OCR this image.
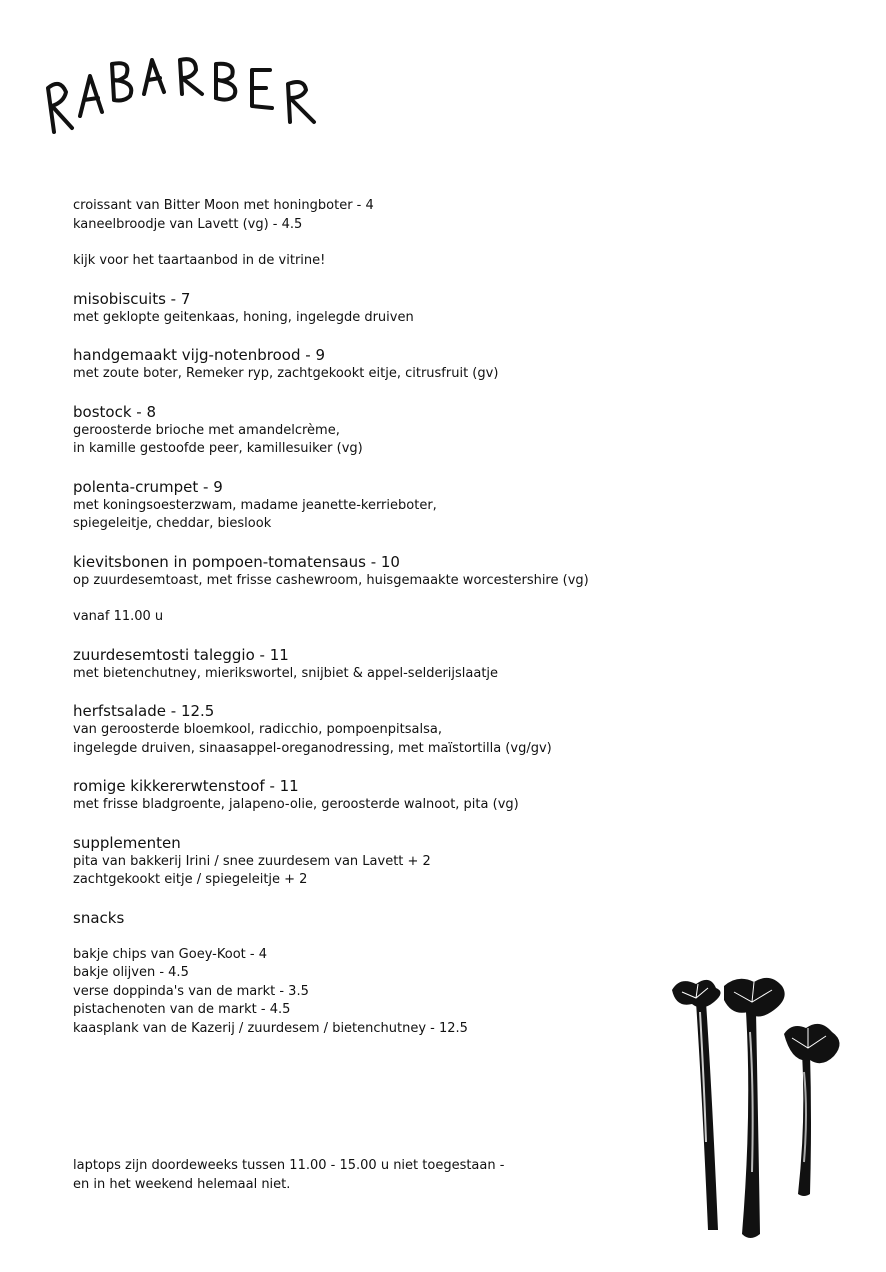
croissant van Bitter Moon met honingboter - 4
kaneelbroodje van Lavett (vg) - 4.5
kijk voor het taartaanbod in de vitrine!
misobiscuits - 7
met geklopte geitenkaas, honing, ingelegde druiven
handgemaakt vijg-notenbrood - 9
met zoute boter, Remeker ryp, zachtgekookt eitje, citrusfruit (gv)
bostock - 8
geroosterde brioche met amandelcrème,
in kamille gestoofde peer, kamillesuiker (vg)
polenta-crumpet - 9
met koningsoesterzwam, madame jeanette-kerrieboter,
spiegeleitje, cheddar, bieslook
kievitsbonen in pompoen-tomatensaus - 10
op zuurdesemtoast, met frisse cashewroom, huisgemaakte worcestershire (vg)
vanaf 11.00 u
zuurdesemtosti taleggio - 11
met bietenchutney, mierikswortel, snijbiet & appel-selderijslaatje
herfstsalade - 12.5
van geroosterde bloemkool, radicchio, pompoenpitsalsa,
ingelegde druiven, sinaasappel-oreganodressing, met maïstortilla (vg/gv)
romige kikkererwtenstoof - 11
met frisse bladgroente, jalapeno-olie, geroosterde walnoot, pita (vg)
supplementen
pita van bakkerij Irini / snee zuurdesem van Lavett + 2
zachtgekookt eitje / spiegeleitje + 2
snacks
bakje chips van Goey-Koot - 4
bakje olijven - 4.5
verse doppinda's van de markt - 3.5
pistachenoten van de markt - 4.5
kaasplank van de Kazerij / zuurdesem / bietenchutney - 12.5
laptops zijn doordeweeks tussen 11.00 - 15.00 u niet toegestaan -
en in het weekend helemaal niet.
